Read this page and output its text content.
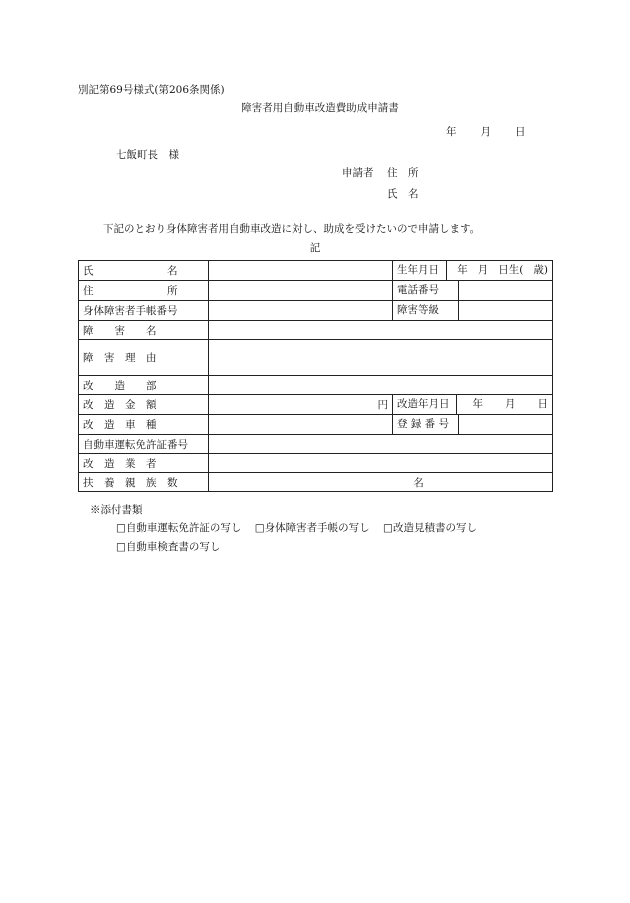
別記第69号様式(第206条関係)
障害者用自動車改造費助成申請書
年 月 日
七飯町長　様
申請者 住　所
氏　名
下記のとおり身体障害者用自動車改造に対し、助成を受けたいので申請します。
記
氏　　　　　　　名		生年月日 年 月 日生( 歳)

住　　　　　　　所		電話番号

身体障害者手帳番号		障害等級

障　　害　　名		
障　害　理　由		
改　　造　　部		
改　造　金　額	円	改造年月日 年 月 日

改　造　車　種		登 録 番 号

自動車運転免許証番号		
改　造　業　者		
扶　養　親　族　数	名	
※添付書類
□自動車運転免許証の写し □身体障害者手帳の写し □改造見積書の写し
□自動車検査書の写し
